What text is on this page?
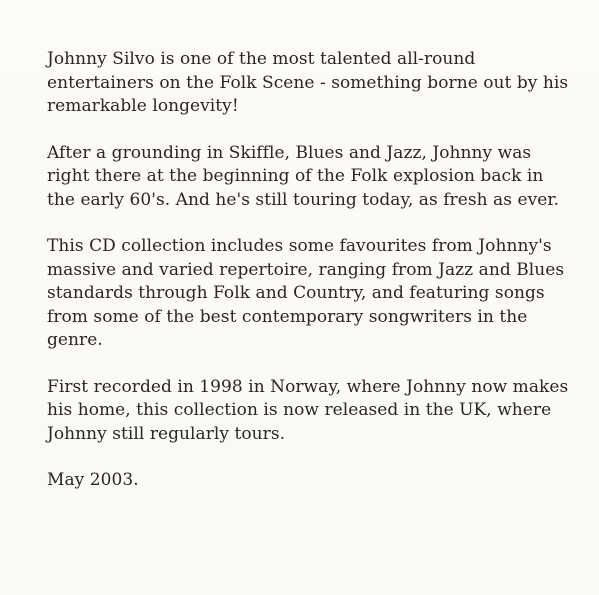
Johnny Silvo is one of the most talented all-round
entertainers on the Folk Scene - something borne out by his
remarkable longevity!

After a grounding in Skiffle, Blues and Jazz, Johnny was
right there at the beginning of the Folk explosion back in
the early 60's. And he's still touring today, as fresh as ever.

This CD collection includes some favourites from Johnny's
massive and varied repertoire, ranging from Jazz and Blues
standards through Folk and Country, and featuring songs
from some of the best contemporary songwriters in the
genre.

First recorded in 1998 in Norway, where Johnny now makes
his home, this collection is now released in the UK, where
Johnny still regularly tours.

May 2003.
